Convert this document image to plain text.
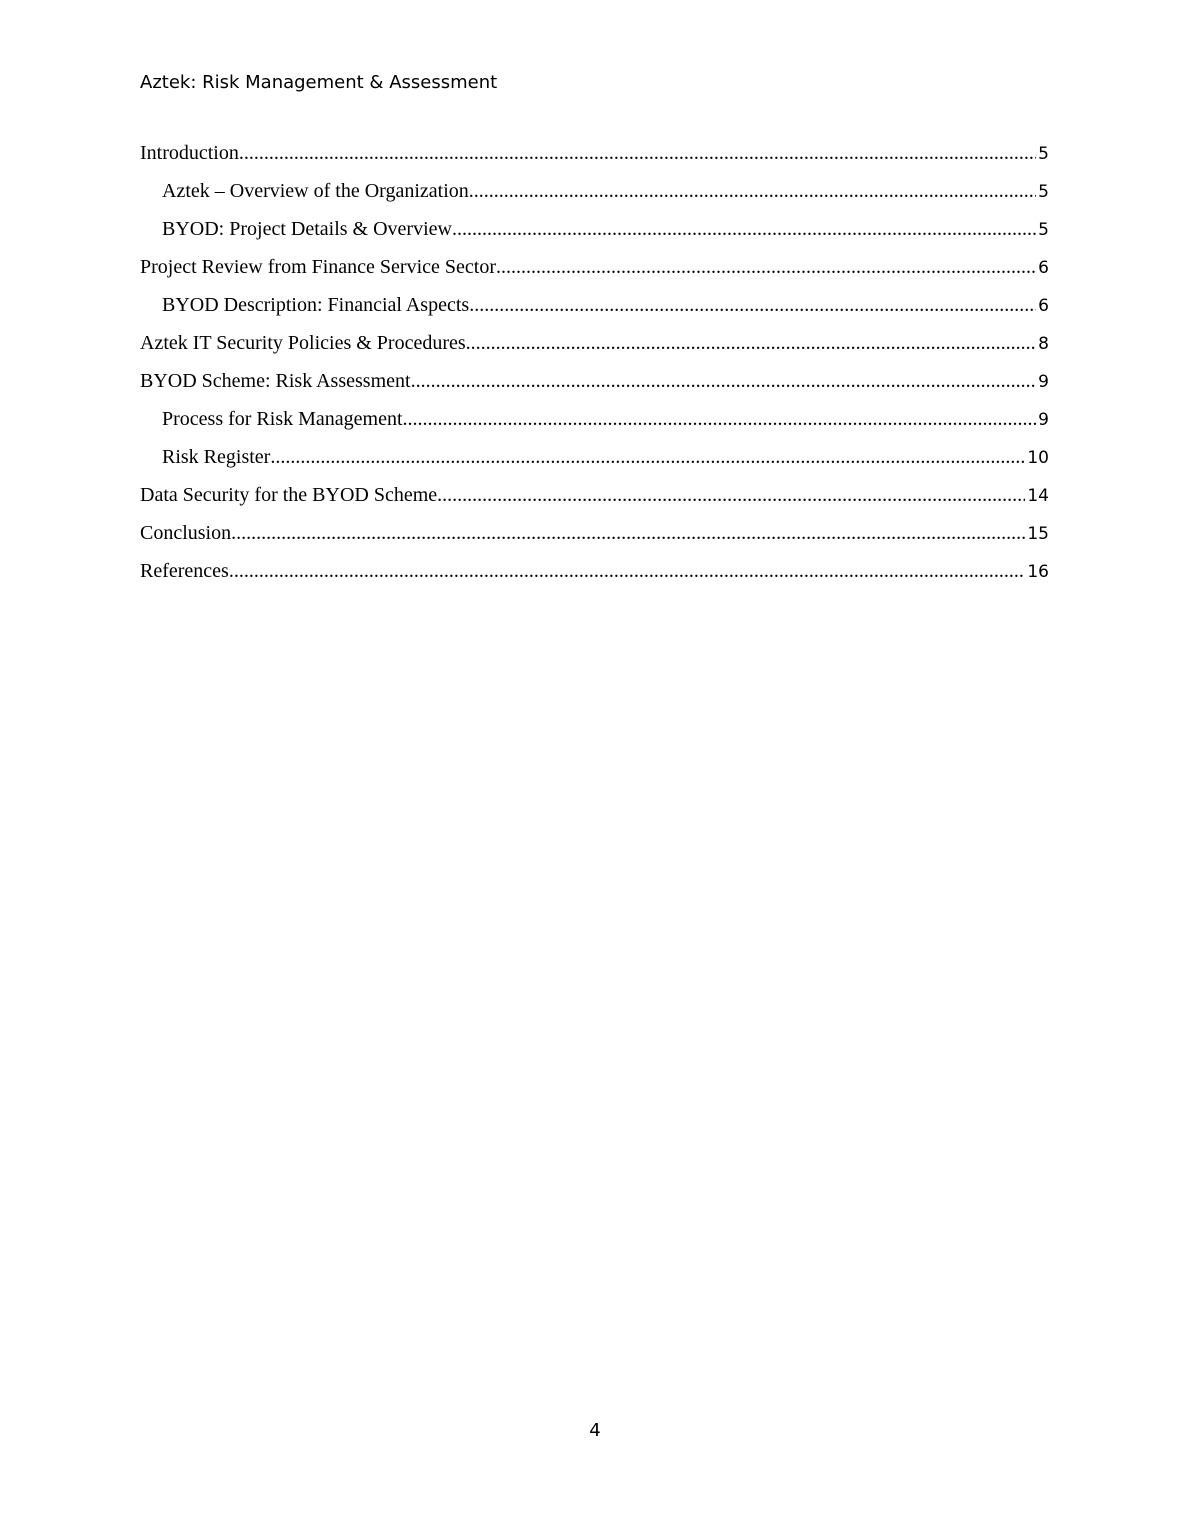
Aztek: Risk Management & Assessment
Introduction .....	5
Aztek – Overview of the Organization .....	5
BYOD: Project Details & Overview .....	5
Project Review from Finance Service Sector .....	6
BYOD Description: Financial Aspects .....	6
Aztek IT Security Policies & Procedures .....	8
BYOD Scheme: Risk Assessment .....	9
Process for Risk Management .....	9
Risk Register .....	10
Data Security for the BYOD Scheme .....	14
Conclusion .....	15
References .....	16
4
